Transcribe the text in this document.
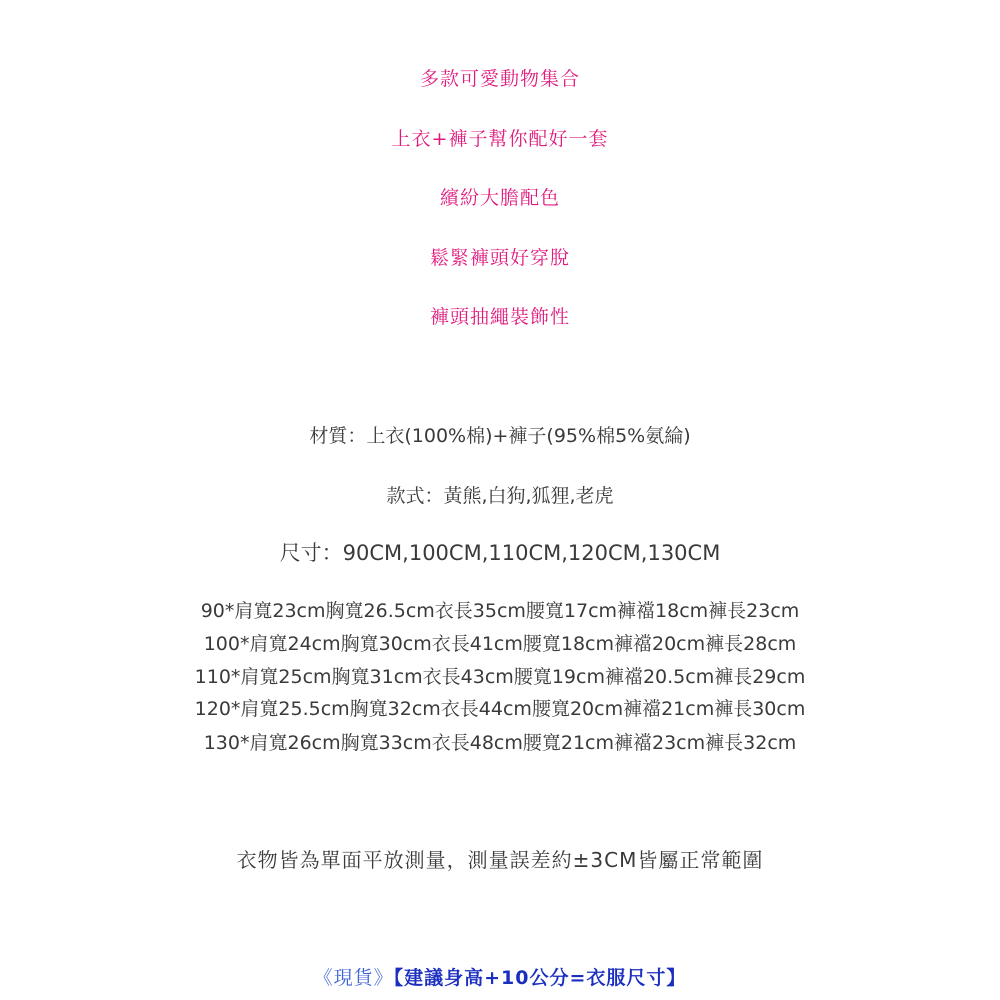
多款可愛動物集合
上衣+褲子幫你配好一套
繽紛大膽配色
鬆緊褲頭好穿脫
褲頭抽繩裝飾性
材質：上衣(100%棉)+褲子(95%棉5%氨綸)
款式：黃熊,白狗,狐狸,老虎
尺寸：90CM,100CM,110CM,120CM,130CM
90*肩寬23cm胸寬26.5cm衣長35cm腰寬17cm褲襠18cm褲長23cm
100*肩寬24cm胸寬30cm衣長41cm腰寬18cm褲襠20cm褲長28cm
110*肩寬25cm胸寬31cm衣長43cm腰寬19cm褲襠20.5cm褲長29cm
120*肩寬25.5cm胸寬32cm衣長44cm腰寬20cm褲襠21cm褲長30cm
130*肩寬26cm胸寬33cm衣長48cm腰寬21cm褲襠23cm褲長32cm
衣物皆為單面平放測量，測量誤差約±3CM皆屬正常範圍
《現貨》【建議身高+10公分=衣服尺寸】
